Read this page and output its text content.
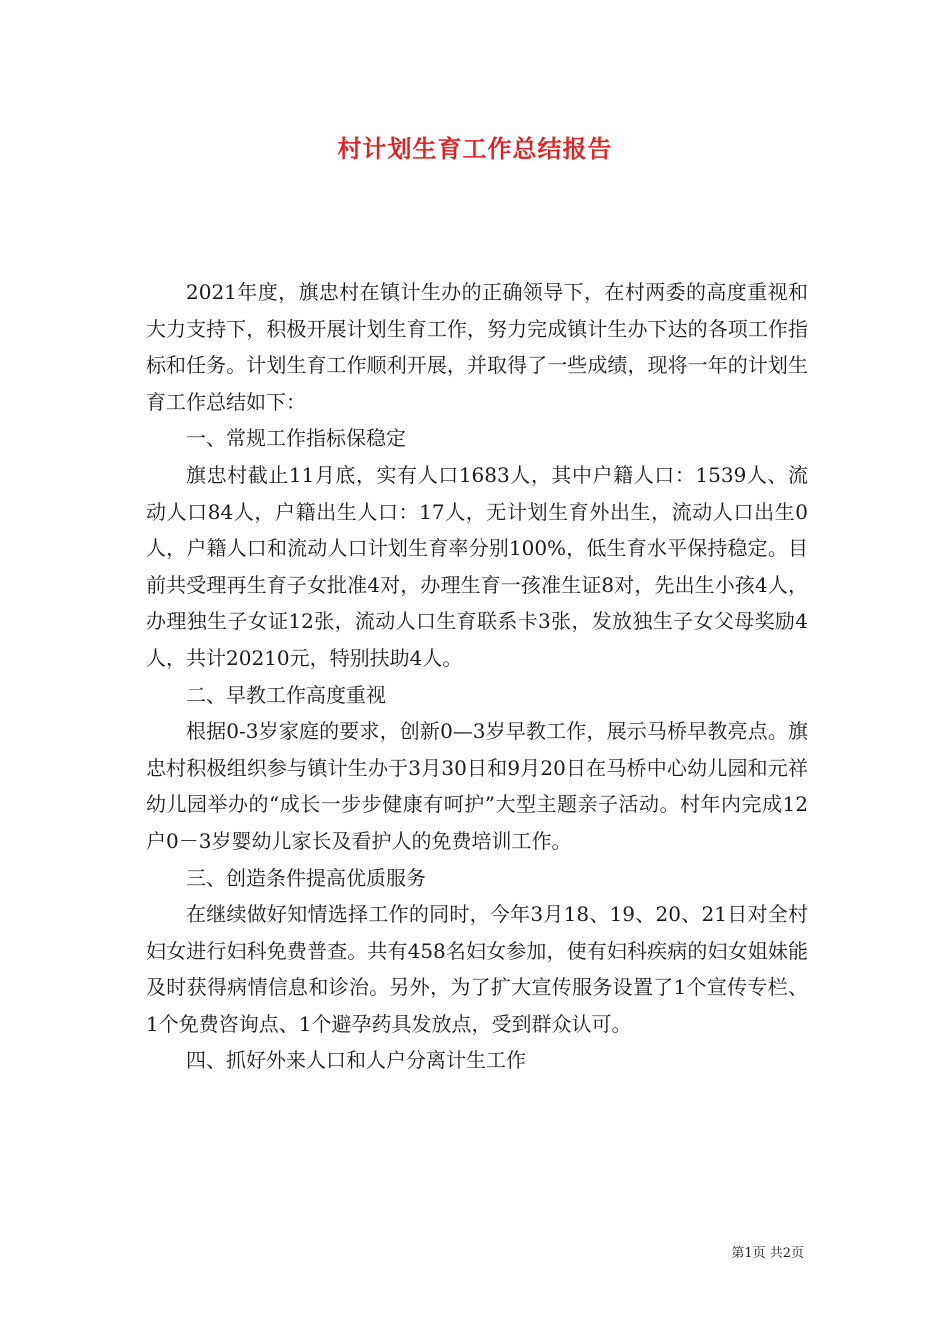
村计划生育工作总结报告

2021年度，旗忠村在镇计生办的正确领导下，在村两委的高度重视和大力支持下，积极开展计划生育工作，努力完成镇计生办下达的各项工作指标和任务。计划生育工作顺利开展，并取得了一些成绩，现将一年的计划生育工作总结如下：

一、常规工作指标保稳定

旗忠村截止11月底，实有人口1683人，其中户籍人口：1539人、流动人口84人，户籍出生人口：17人，无计划生育外出生，流动人口出生0人，户籍人口和流动人口计划生育率分别100%，低生育水平保持稳定。目前共受理再生育子女批准4对，办理生育一孩准生证8对，先出生小孩4人，办理独生子女证12张，流动人口生育联系卡3张，发放独生子女父母奖励4人，共计20210元，特别扶助4人。

二、早教工作高度重视

根据0-3岁家庭的要求，创新0—3岁早教工作，展示马桥早教亮点。旗忠村积极组织参与镇计生办于3月30日和9月20日在马桥中心幼儿园和元祥幼儿园举办的“成长一步步健康有呵护”大型主题亲子活动。村年内完成12户0－3岁婴幼儿家长及看护人的免费培训工作。

三、创造条件提高优质服务

在继续做好知情选择工作的同时，今年3月18、19、20、21日对全村妇女进行妇科免费普查。共有458名妇女参加，使有妇科疾病的妇女姐妹能及时获得病情信息和诊治。另外，为了扩大宣传服务设置了1个宣传专栏、1个免费咨询点、1个避孕药具发放点，受到群众认可。

四、抓好外来人口和人户分离计生工作

第1页 共2页
